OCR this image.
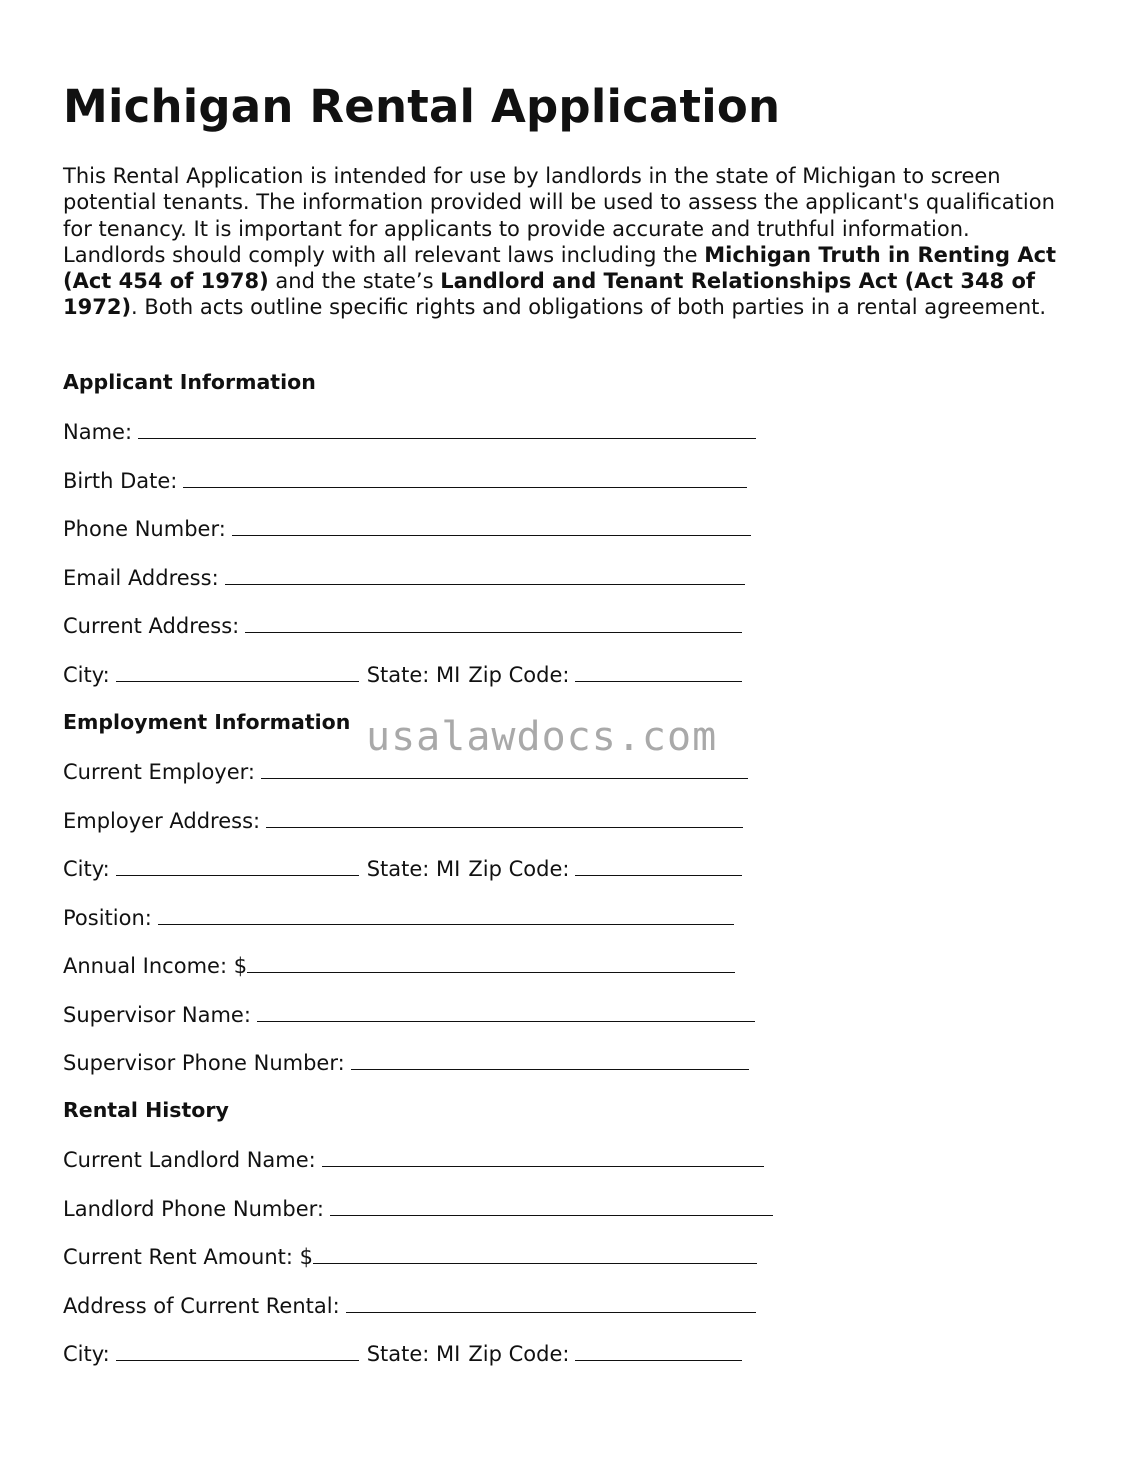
Michigan Rental Application

This Rental Application is intended for use by landlords in the state of Michigan to screen potential tenants. The information provided will be used to assess the applicant's qualification for tenancy. It is important for applicants to provide accurate and truthful information. Landlords should comply with all relevant laws including the Michigan Truth in Renting Act (Act 454 of 1978) and the state’s Landlord and Tenant Relationships Act (Act 348 of 1972). Both acts outline specific rights and obligations of both parties in a rental agreement.

Applicant Information
Name:
Birth Date:
Phone Number:
Email Address:
Current Address:
City:	State: MI Zip Code:
Employment Information
Current Employer:
Employer Address:
City:	State: MI Zip Code:
Position:
Annual Income: $
Supervisor Name:
Supervisor Phone Number:
Rental History
Current Landlord Name:
Landlord Phone Number:
Current Rent Amount: $
Address of Current Rental:
City:	State: MI Zip Code:
usalawdocs.com
